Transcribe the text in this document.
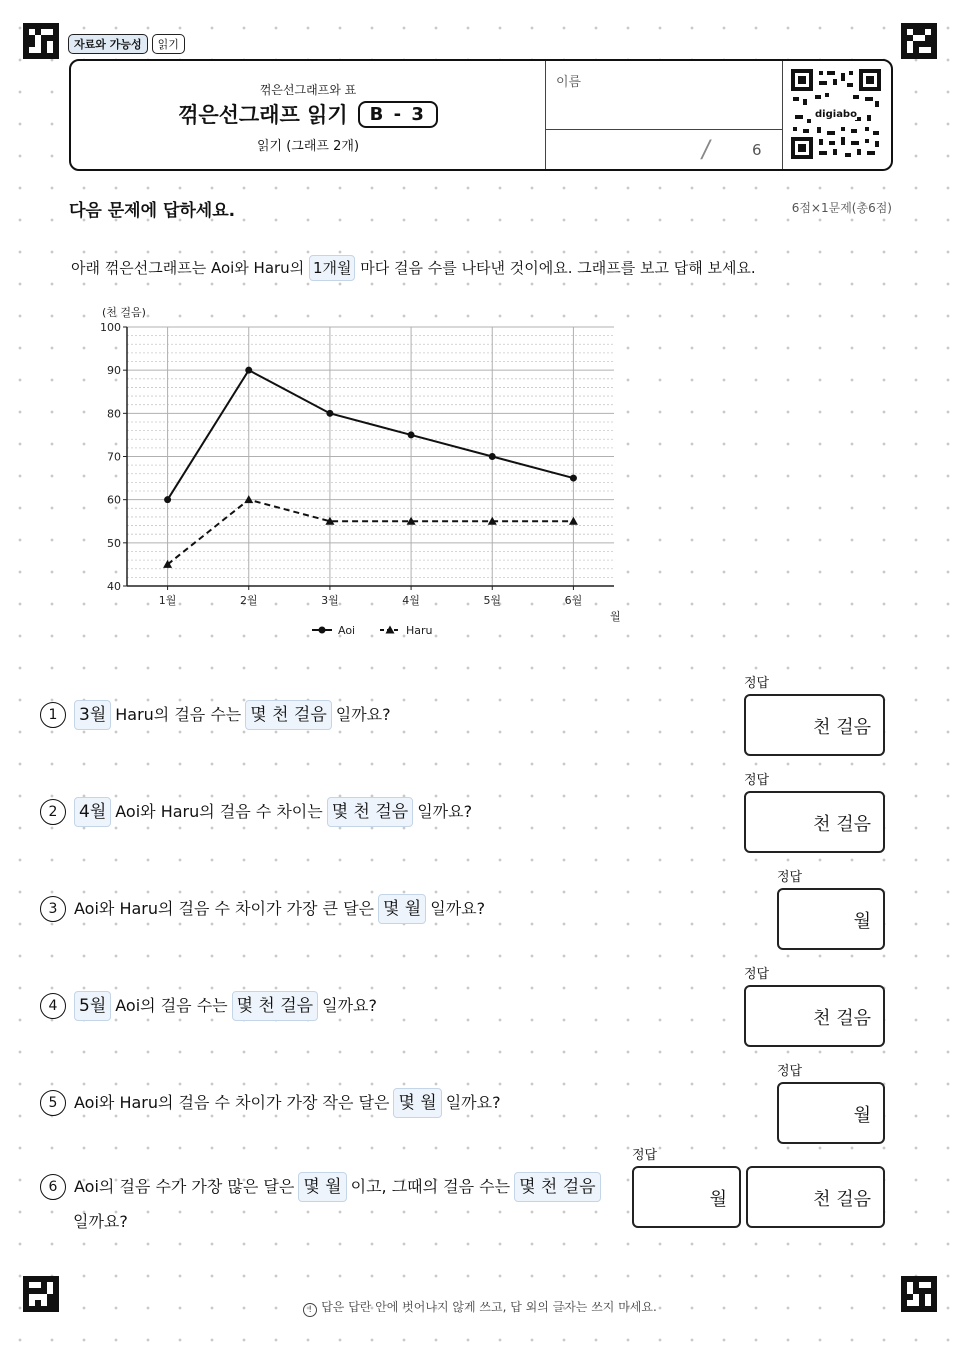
자료와 가능성	읽기
꺾은선그래프와 표
꺾은선그래프 읽기	B - 3
읽기 (그래프 2개)
이름
/	6
digiabo
다음 문제에 답하세요.	6점×1문제(총6점)
아래 꺾은선그래프는 Aoi와 Haru의 1개월 마다 걸음 수를 나타낸 것이에요. 그래프를 보고 답해 보세요.
40
50
60
70
80
90
100
1월	2월	3월	4월	5월	6월
(천 걸음)
월
Aoi	Haru
1	3월 Haru의 걸음 수는 몇 천 걸음 일까요?
정답
천 걸음
2	4월 Aoi와 Haru의 걸음 수 차이는 몇 천 걸음 일까요?
정답
천 걸음
3	Aoi와 Haru의 걸음 수 차이가 가장 큰 달은 몇 월 일까요?
정답
월
4	5월 Aoi의 걸음 수는 몇 천 걸음 일까요?
정답
천 걸음
5	Aoi와 Haru의 걸음 수 차이가 가장 작은 달은 몇 월 일까요?
정답
월
6	Aoi의 걸음 수가 가장 많은 달은 몇 월 이고, 그때의 걸음 수는 몇 천 걸음
일까요?
정답
월	천 걸음
! 답은 답란 안에 벗어나지 않게 쓰고, 답 외의 글자는 쓰지 마세요.
